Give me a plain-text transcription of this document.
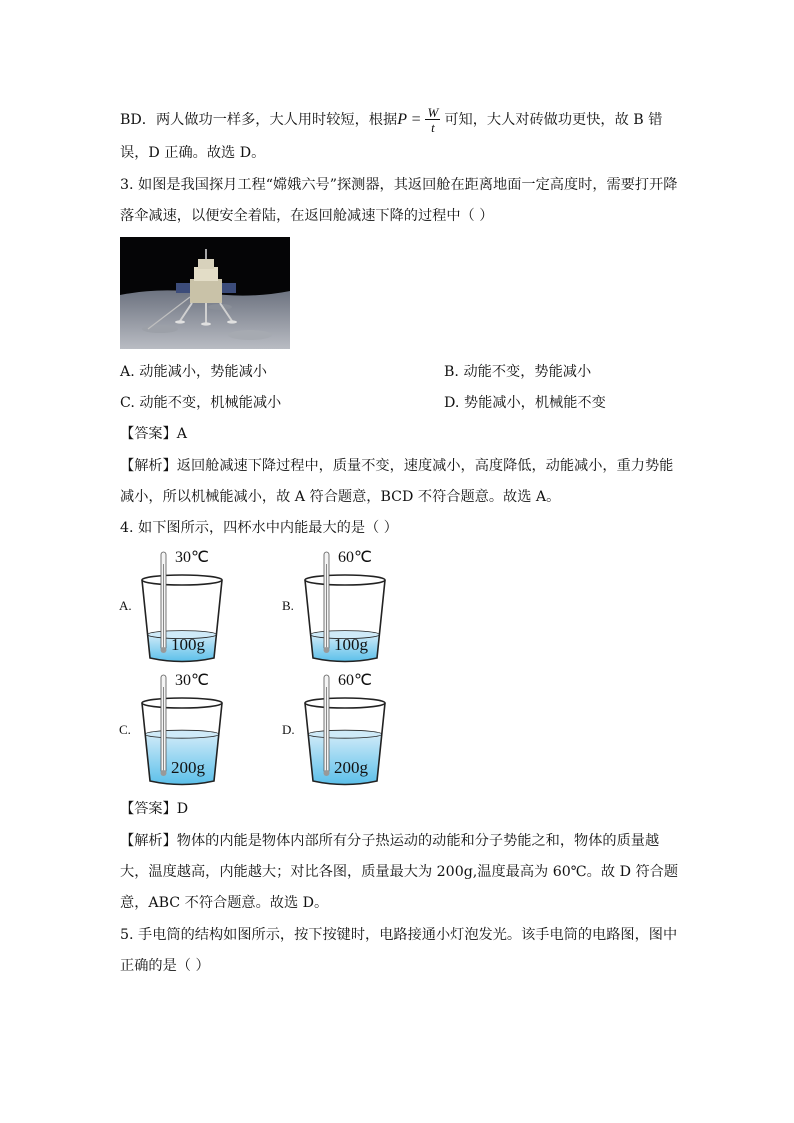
BD．两人做功一样多，大人用时较短，根据$P = \frac{W}{t}$ 可知，大人对砖做功更快，故 B 错
误，D 正确。故选 D。
3. 如图是我国探月工程“嫦娥六号”探测器，其返回舱在距离地面一定高度时，需要打开降
落伞减速，以便安全着陆，在返回舱减速下降的过程中（ ）
A. 动能减小，势能减小	B. 动能不变，势能减小
C. 动能不变，机械能减小	D. 势能减小，机械能不变
【答案】A
【解析】返回舱减速下降过程中，质量不变，速度减小，高度降低，动能减小，重力势能
减小，所以机械能减小，故 A 符合题意，BCD 不符合题意。故选 A。
4. 如下图所示，四杯水中内能最大的是（ ）
A.
30℃
100g
B.
60℃
100g
C.
30℃
200g
D.
60℃
200g
【答案】D
【解析】物体的内能是物体内部所有分子热运动的动能和分子势能之和，物体的质量越
大，温度越高，内能越大；对比各图，质量最大为 200g,温度最高为 60℃。故 D 符合题
意，ABC 不符合题意。故选 D。
5. 手电筒的结构如图所示，按下按键时，电路接通小灯泡发光。该手电筒的电路图，图中
正确的是（ ）
